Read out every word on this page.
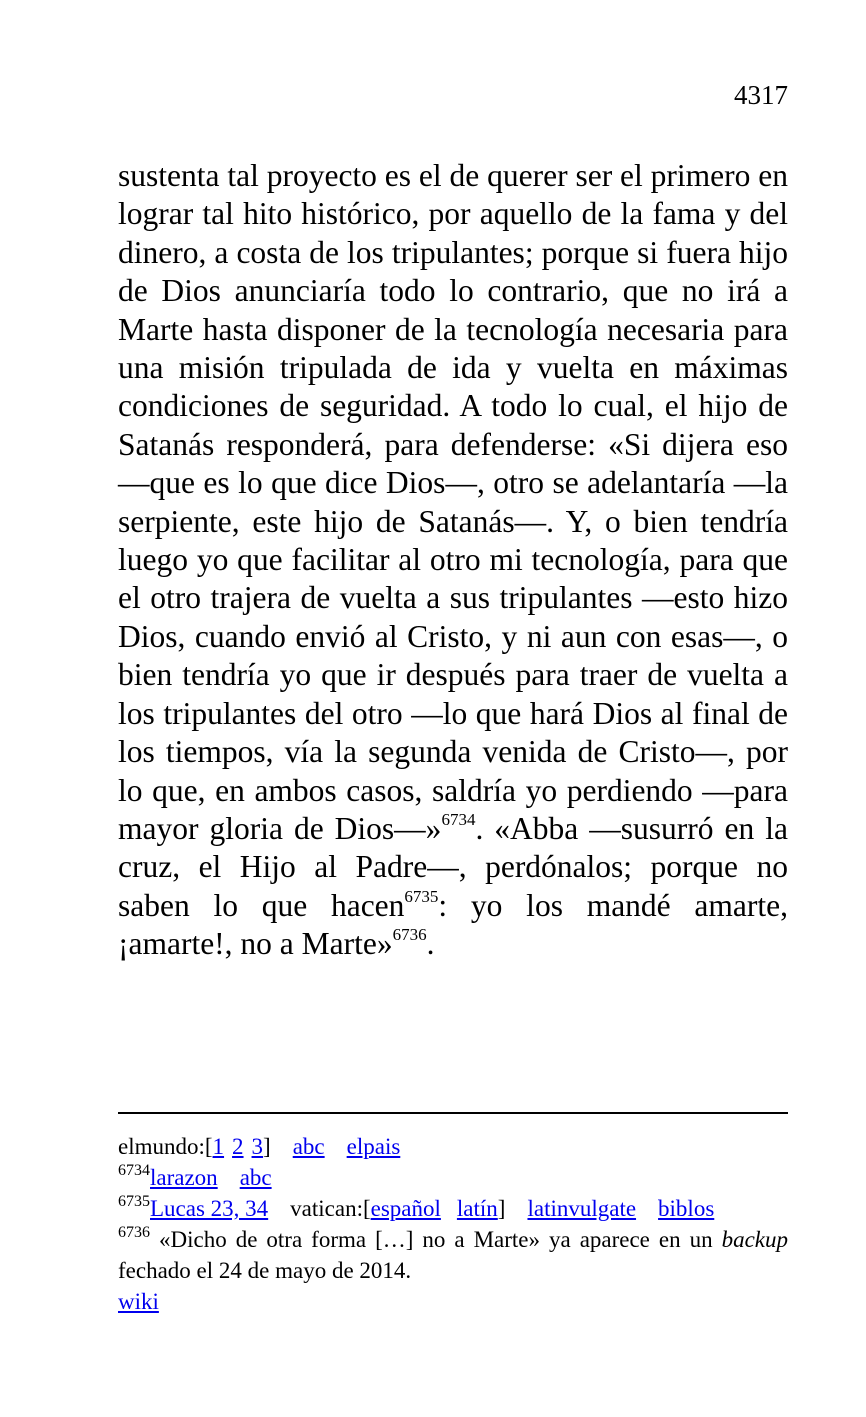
4317

sustenta tal proyecto es el de querer ser el primero en lograr tal hito histórico, por aquello de la fama y del dinero, a costa de los tripulantes; porque si fuera hijo de Dios anunciaría todo lo contrario, que no irá a Marte hasta disponer de la tecnología necesaria para una misión tripulada de ida y vuelta en máximas condiciones de seguridad. A todo lo cual, el hijo de Satanás responderá, para defenderse: «Si dijera eso ―que es lo que dice Dios―, otro se adelantaría ―la serpiente, este hijo de Satanás―. Y, o bien tendría luego yo que facilitar al otro mi tecnología, para que el otro trajera de vuelta a sus tripulantes ―esto hizo Dios, cuando envió al Cristo, y ni aun con esas―, o bien tendría yo que ir después para traer de vuelta a los tripulantes del otro ―lo que hará Dios al final de los tiempos, vía la segunda venida de Cristo―, por lo que, en ambos casos, saldría yo perdiendo ―para mayor gloria de Dios―»$^{6734}$. «Abba ―susurró en la cruz, el Hijo al Padre―, perdónalos; porque no saben lo que hacen$^{6735}$: yo los mandé amarte, ¡amarte!, no a Marte»$^{6736}$.

elmundo:[1 2 3] abc elpais
$^{6734}$larazon abc
$^{6735}$Lucas 23, 34 vatican:[español latín] latinvulgate biblos
$^{6736}$ «Dicho de otra forma […] no a Marte» ya aparece en un backup fechado el 24 de mayo de 2014.
wiki
